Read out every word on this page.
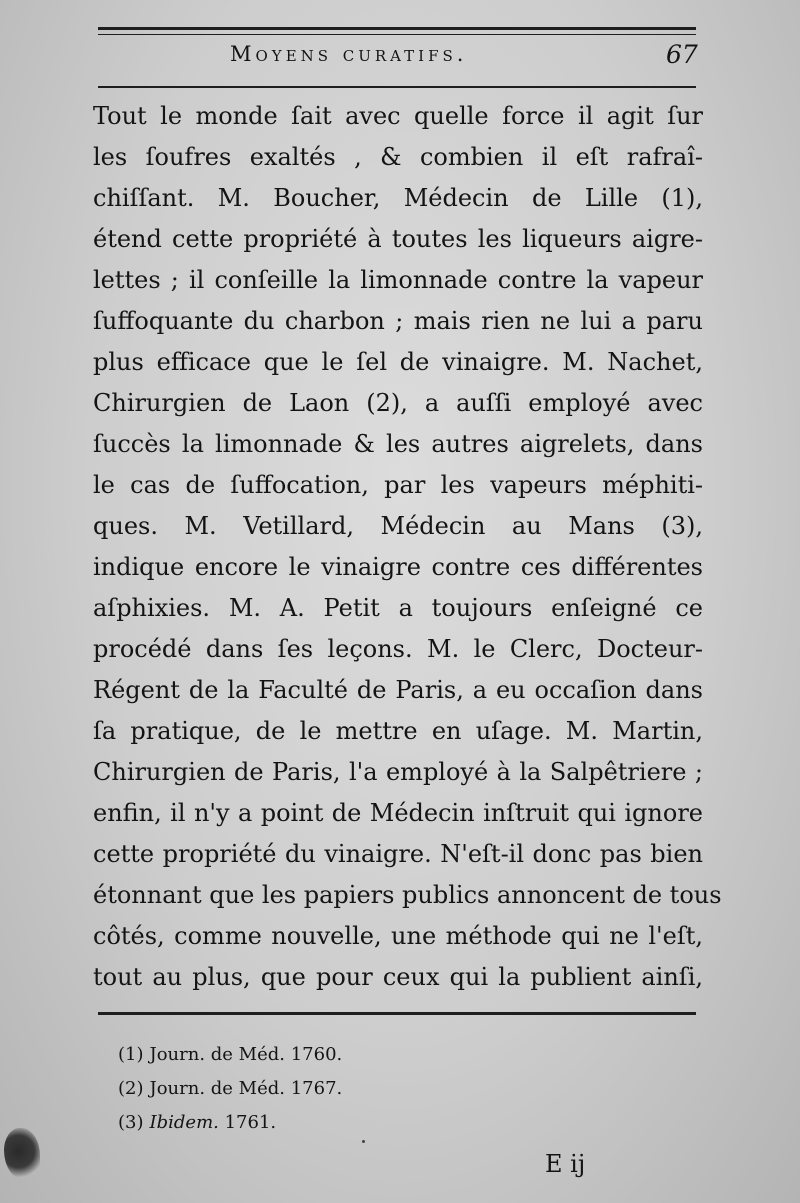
Moyens curatifs.	67
Tout le monde ſait avec quelle force il agit ſur
les ſoufres exaltés , & combien il eſt rafraî-
chiſſant. M. Boucher, Médecin de Lille (1),
étend cette propriété à toutes les liqueurs aigre-
lettes ; il conſeille la limonnade contre la vapeur
ſuffoquante du charbon ; mais rien ne lui a paru
plus efficace que le ſel de vinaigre. M. Nachet,
Chirurgien de Laon (2), a auſſi employé avec
ſuccès la limonnade & les autres aigrelets, dans
le cas de ſuffocation, par les vapeurs méphiti-
ques. M. Vetillard, Médecin au Mans (3),
indique encore le vinaigre contre ces différentes
aſphixies. M. A. Petit a toujours enſeigné ce
procédé dans ſes leçons. M. le Clerc, Docteur-
Régent de la Faculté de Paris, a eu occaſion dans
ſa pratique, de le mettre en uſage. M. Martin,
Chirurgien de Paris, l'a employé à la Salpêtriere ;
enfin, il n'y a point de Médecin inſtruit qui ignore
cette propriété du vinaigre. N'eſt-il donc pas bien
étonnant que les papiers publics annoncent de tous
côtés, comme nouvelle, une méthode qui ne l'eſt,
tout au plus, que pour ceux qui la publient ainſi,
(1) Journ. de Méd. 1760.
(2) Journ. de Méd. 1767.
(3) Ibidem. 1761.
E ij
